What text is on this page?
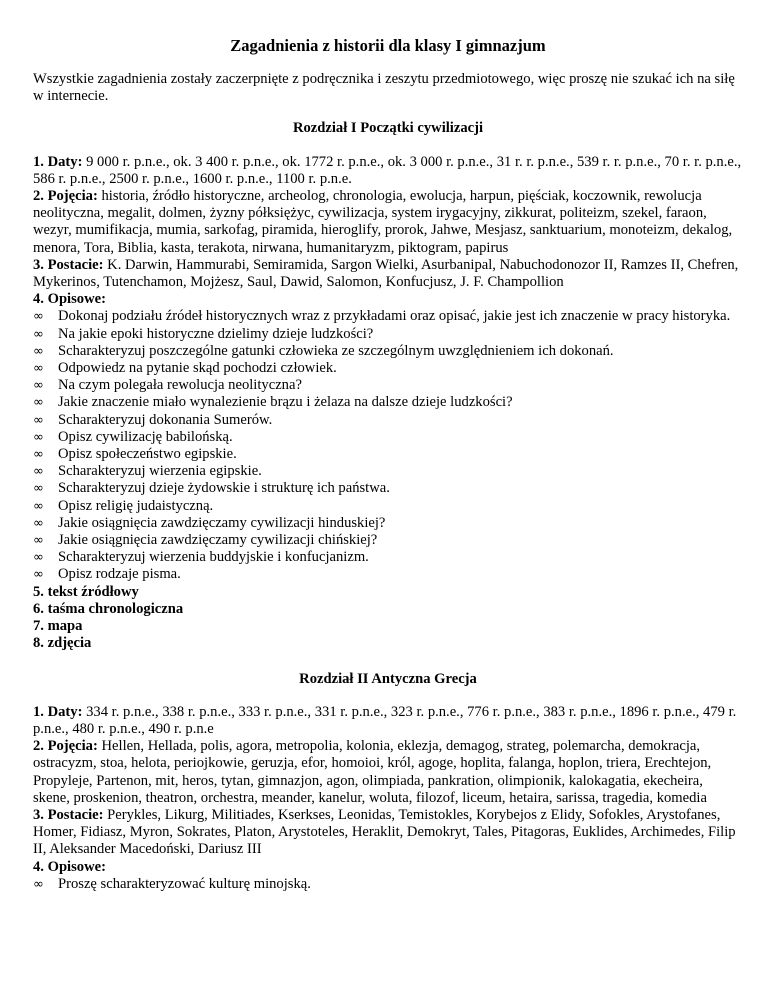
Zagadnienia z historii dla klasy I gimnazjum
Wszystkie zagadnienia zostały zaczerpnięte z podręcznika i zeszytu przedmiotowego, więc proszę nie szukać ich na siłę w internecie.
Rozdział I Początki cywilizacji
1. Daty: 9 000 r. p.n.e., ok. 3 400 r. p.n.e., ok. 1772 r. p.n.e., ok. 3 000 r. p.n.e., 31 r. r. p.n.e., 539 r. r. p.n.e., 70 r. r. p.n.e., 586 r. p.n.e., 2500 r. p.n.e., 1600 r. p.n.e., 1100 r. p.n.e.
2. Pojęcia: historia, źródło historyczne, archeolog, chronologia, ewolucja, harpun, pięściak, koczownik, rewolucja neolityczna, megalit, dolmen, żyzny półksiężyc, cywilizacja, system irygacyjny, zikkurat, politeizm, szekel, faraon, wezyr, mumifikacja, mumia, sarkofag, piramida, hieroglify, prorok, Jahwe, Mesjasz, sanktuarium, monoteizm, dekalog, menora, Tora, Biblia, kasta, terakota, nirwana, humanitaryzm, piktogram, papirus
3. Postacie: K. Darwin, Hammurabi, Semiramida, Sargon Wielki, Asurbanipal, Nabuchodonozor II, Ramzes II, Chefren, Mykerinos, Tutenchamon, Mojżesz, Saul, Dawid, Salomon, Konfucjusz, J. F. Champollion
4. Opisowe:
∞ Dokonaj podziału źródeł historycznych wraz z przykładami oraz opisać, jakie jest ich znaczenie w pracy historyka.
∞ Na jakie epoki historyczne dzielimy dzieje ludzkości?
∞ Scharakteryzuj poszczególne gatunki człowieka ze szczególnym uwzględnieniem ich dokonań.
∞ Odpowiedz na pytanie skąd pochodzi człowiek.
∞ Na czym polegała rewolucja neolityczna?
∞ Jakie znaczenie miało wynalezienie brązu i żelaza na dalsze dzieje ludzkości?
∞ Scharakteryzuj dokonania Sumerów.
∞ Opisz cywilizację babilońską.
∞ Opisz społeczeństwo egipskie.
∞ Scharakteryzuj wierzenia egipskie.
∞ Scharakteryzuj dzieje żydowskie i strukturę ich państwa.
∞ Opisz religię judaistyczną.
∞ Jakie osiągnięcia zawdzięczamy cywilizacji hinduskiej?
∞ Jakie osiągnięcia zawdzięczamy cywilizacji chińskiej?
∞ Scharakteryzuj wierzenia buddyjskie i konfucjanizm.
∞ Opisz rodzaje pisma.
5. tekst źródłowy
6. taśma chronologiczna
7. mapa
8. zdjęcia
Rozdział II Antyczna Grecja
1. Daty: 334 r. p.n.e., 338 r. p.n.e., 333 r. p.n.e., 331 r. p.n.e., 323 r. p.n.e., 776 r. p.n.e., 383 r. p.n.e., 1896 r. p.n.e., 479 r. p.n.e., 480 r. p.n.e., 490 r. p.n.e
2. Pojęcia: Hellen, Hellada, polis, agora, metropolia, kolonia, eklezja, demagog, strateg, polemarcha, demokracja, ostracyzm, stoa, helota, periojkowie, geruzja, efor, homoioi, król, agoge, hoplita, falanga, hoplon, triera, Erechtejon, Propyleje, Partenon, mit, heros, tytan, gimnazjon, agon, olimpiada, pankration, olimpionik, kalokagatia, ekecheira, skene, proskenion, theatron, orchestra, meander, kanelur, woluta, filozof, liceum, hetaira, sarissa, tragedia, komedia
3. Postacie: Perykles, Likurg, Militiades, Kserkses, Leonidas, Temistokles, Korybejos z Elidy, Sofokles, Arystofanes, Homer, Fidiasz, Myron, Sokrates, Platon, Arystoteles, Heraklit, Demokryt, Tales, Pitagoras, Euklides, Archimedes, Filip II, Aleksander Macedoński, Dariusz III
4. Opisowe:
∞ Proszę scharakteryzować kulturę minojską.
